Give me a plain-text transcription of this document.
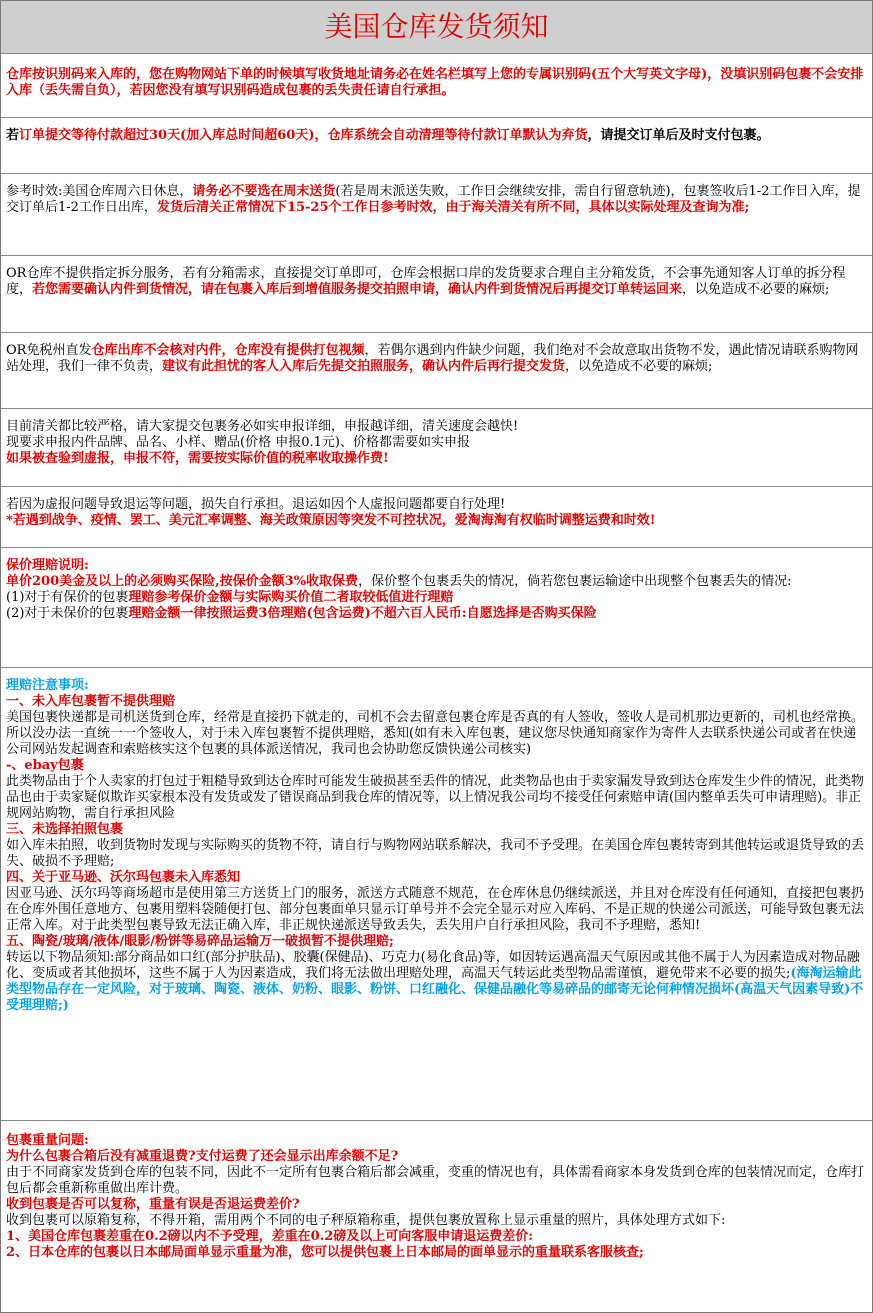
美国仓库发货须知

仓库按识别码来入库的，您在购物网站下单的时候填写收货地址请务必在姓名栏填写上您的专属识别码(五个大写英文字母)，没填识别码包裹不会安排入库（丢失需自负），若因您没有填写识别码造成包裹的丢失责任请自行承担。

若订单提交等待付款超过30天(加入库总时间超60天)，仓库系统会自动清理等待付款订单默认为弃货，请提交订单后及时支付包裹。

参考时效:美国仓库周六日休息，请务必不要选在周末送货(若是周末派送失败，工作日会继续安排，需自行留意轨迹)，包裹签收后1-2工作日入库，提交订单后1-2工作日出库，发货后清关正常情况下15-25个工作日参考时效，由于海关清关有所不同，具体以实际处理及查询为准;

OR仓库不提供指定拆分服务，若有分箱需求，直接提交订单即可，仓库会根据口岸的发货要求合理自主分箱发货，不会事先通知客人订单的拆分程度，若您需要确认内件到货情况，请在包裹入库后到增值服务提交拍照申请，确认内件到货情况后再提交订单转运回来，以免造成不必要的麻烦;

OR免税州直发仓库出库不会核对内件，仓库没有提供打包视频，若偶尔遇到内件缺少问题，我们绝对不会故意取出货物不发，遇此情况请联系购物网站处理，我们一律不负责，建议有此担忧的客人入库后先提交拍照服务，确认内件后再行提交发货，以免造成不必要的麻烦;

目前清关都比较严格，请大家提交包裹务必如实申报详细，申报越详细，清关速度会越快!

现要求申报内件品牌、品名、小样、赠品(价格 申报0.1元)、价格都需要如实申报

如果被查验到虚报，申报不符，需要按实际价值的税率收取操作费!

若因为虚报问题导致退运等问题，损失自行承担。退运如因个人虚报问题都要自行处理!

*若遇到战争、疫情、罢工、美元汇率调整、海关政策原因等突发不可控状况，爱淘海淘有权临时调整运费和时效!

保价理赔说明:

单价200美金及以上的必须购买保险,按保价金额3%收取保费，保价整个包裹丢失的情况，倘若您包裹运输途中出现整个包裹丢失的情况:

(1)对于有保价的包裹理赔参考保价金额与实际购买价值二者取较低值进行理赔

(2)对于未保价的包裹理赔金额一律按照运费3倍理赔(包含运费)不超六百人民币:自愿选择是否购买保险

理赔注意事项:

一、未入库包裹暂不提供理赔

美国包裹快递都是司机送货到仓库，经常是直接扔下就走的，司机不会去留意包裹仓库是否真的有人签收，签收人是司机那边更新的，司机也经常换。所以没办法一直统一一个签收人，对于未入库包裹暂不提供理赔，悉知(如有未入库包裹，建议您尽快通知商家作为寄件人去联系快递公司或者在快递公司网站发起调查和索赔核实这个包裹的具体派送情况，我司也会协助您反馈快递公司核实)

-、ebay包裹

此类物品由于个人卖家的打包过于粗糙导致到达仓库时可能发生破损甚至丢件的情况，此类物品也由于卖家漏发导致到达仓库发生少件的情况，此类物品也由于卖家疑似欺诈买家根本没有发货或发了错误商品到我仓库的情况等，以上情况我公司均不接受任何索赔申请(国内整单丢失可申请理赔)。非正规网站购物，需自行承担风险

三、未选择拍照包裹

如入库未拍照，收到货物时发现与实际购买的货物不符，请自行与购物网站联系解决，我司不予受理。在美国仓库包裹转寄到其他转运或退货导致的丢失、破损不予理赔;

四、关于亚马逊、沃尔玛包裹未入库悉知

因亚马逊、沃尔玛等商场超市是使用第三方送货上门的服务，派送方式随意不规范，在仓库休息仍继续派送，并且对仓库没有任何通知，直接把包裹扔在仓库外围任意地方、包裹用塑料袋随便打包、部分包裹面单只显示订单号并不会完全显示对应入库码、不是正规的快递公司派送，可能导致包裹无法正常入库。对于此类型包裹导致无法正确入库，非正规快递派送导致丢失，丢失用户自行承担风险，我司不予理赔，悉知!

五、陶瓷/玻璃/液体/眼影/粉饼等易碎品运输万一破损暂不提供理赔;

转运以下物品须知:部分商品如口红(部分护肤品)、胶囊(保健品)、巧克力(易化食品)等，如因转运遇高温天气原因或其他不属于人为因素造成对物品融化、变质或者其他损坏，这些不属于人为因素造成，我们将无法做出理赔处理，高温天气转运此类型物品需谨慎，避免带来不必要的损失;(海淘运输此类型物品存在一定风险，对于玻璃、陶瓷、液体、奶粉、眼影、粉饼、口红融化、保健品融化等易碎品的邮寄无论何种情况损坏(高温天气因素导致)不受理理赔;)

包裹重量问题:

为什么包裹合箱后没有减重退费?支付运费了还会显示出库余额不足?

由于不同商家发货到仓库的包装不同，因此不一定所有包裹合箱后都会减重，变重的情况也有，具体需看商家本身发货到仓库的包装情况而定，仓库打包后都会重新称重做出库计费。

收到包裹是否可以复称，重量有误是否退运费差价?

收到包裹可以原箱复称，不得开箱，需用两个不同的电子秤原箱称重，提供包裹放置称上显示重量的照片，具体处理方式如下:

1、美国仓库包裹差重在0.2磅以内不予受理，差重在0.2磅及以上可向客服申请退运费差价:

2、日本仓库的包裹以日本邮局面单显示重量为准，您可以提供包裹上日本邮局的面单显示的重量联系客服核查;
